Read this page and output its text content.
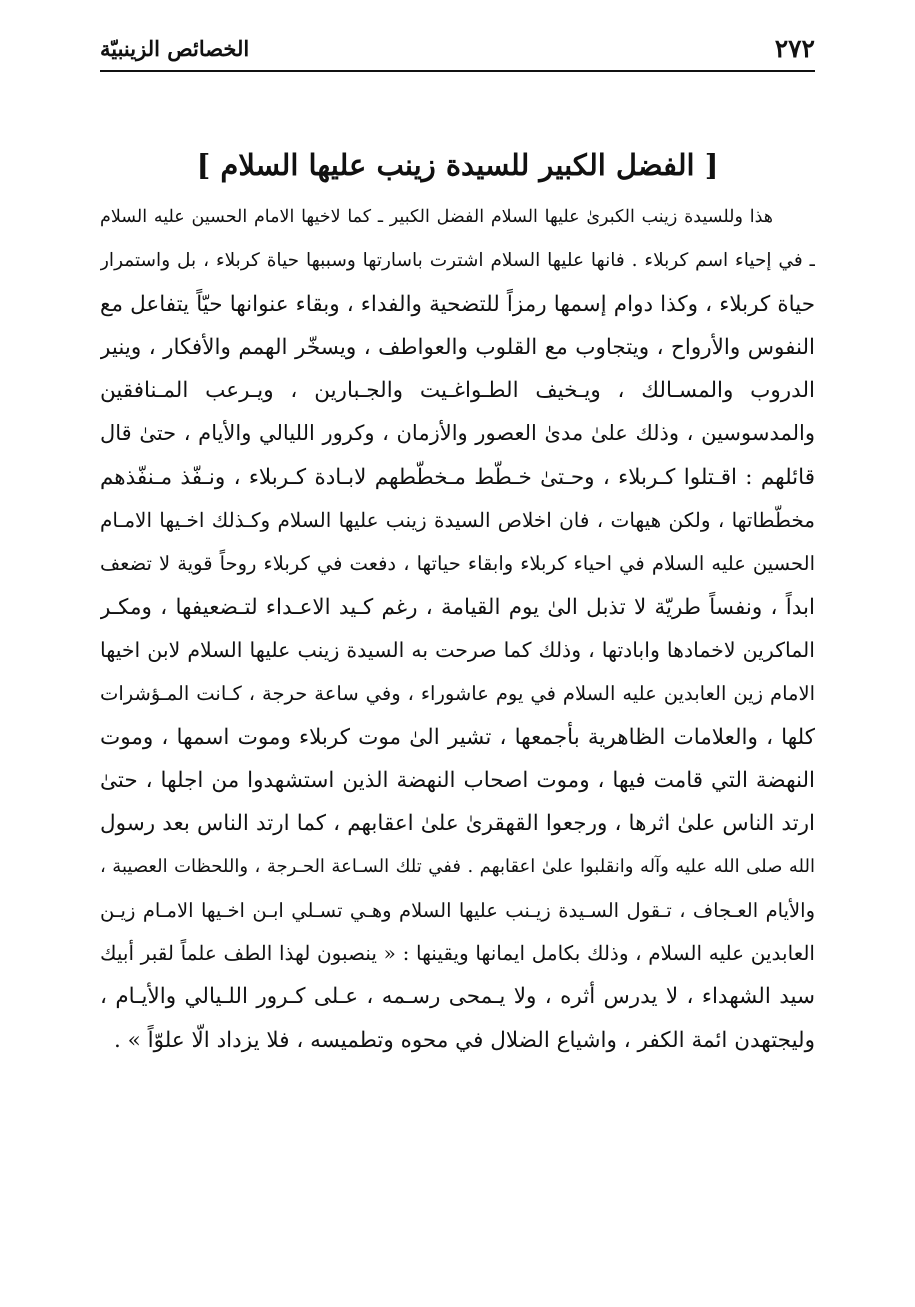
٢٧٢
الخصائص الزينبيّة
[ الفضل الكبير للسيدة زينب عليها السلام ]
هذا وللسيدة زينب الكبرىٰ عليها السلام الفضل الكبير ـ كما لاخيها الامام الحسين عليه السلام
ـ في إحياء اسم كربلاء . فانها عليها السلام اشترت باسارتها وسببها حياة كربلاء ، بل واستمرار
حياة كربلاء ، وكذا دوام إسمها رمزاً للتضحية والفداء ، وبقاء عنوانها حيّاً يتفاعل مع
النفوس والأرواح ، ويتجاوب مع القلوب والعواطف ، ويسخّر الهمم والأفكار ، وينير
الدروب والمسـالك ، ويـخيف الطـواغـيت والجـبارين ، ويـرعب المـنافقين
والمدسوسين ، وذلك علىٰ مدىٰ العصور والأزمان ، وكرور الليالي والأيام ، حتىٰ قال
قائلهم : اقـتلوا كـربلاء ، وحـتىٰ خـطّط مـخطّطهم لابـادة كـربلاء ، ونـفّذ مـنفّذهم
مخطّطاتها ، ولكن هيهات ، فان اخلاص السيدة زينب عليها السلام وكـذلك اخـيها الامـام
الحسين عليه السلام في احياء كربلاء وابقاء حياتها ، دفعت في كربلاء روحاً قوية لا تضعف
ابداً ، ونفساً طريّة لا تذبل الىٰ يوم القيامة ، رغم كـيد الاعـداء لتـضعيفها ، ومكـر
الماكرين لاخمادها وابادتها ، وذلك كما صرحت به السيدة زينب عليها السلام لابن اخيها
الامام زين العابدين عليه السلام في يوم عاشوراء ، وفي ساعة حرجة ، كـانت المـؤشرات
كلها ، والعلامات الظاهرية بأجمعها ، تشير الىٰ موت كربلاء وموت اسمها ، وموت
النهضة التي قامت فيها ، وموت اصحاب النهضة الذين استشهدوا من اجلها ، حتىٰ
ارتد الناس علىٰ اثرها ، ورجعوا القهقرىٰ علىٰ اعقابهم ، كما ارتد الناس بعد رسول
الله صلى الله عليه وآله وانقلبوا علىٰ اعقابهم . ففي تلك السـاعة الحـرجة ، واللحظات العصيبة ،
والأيام العـجاف ، تـقول السـيدة زيـنب عليها السلام وهـي تسـلي ابـن اخـيها الامـام زيـن
العابدين عليه السلام ، وذلك بكامل ايمانها ويقينها : « ينصبون لهذا الطف علماً لقبر أبيك
سيد الشهداء ، لا يدرس أثره ، ولا يـمحى رسـمه ، عـلى كـرور اللـيالي والأيـام ،
وليجتهدن ائمة الكفر ، واشياع الضلال في محوه وتطميسه ، فلا يزداد الّا علوّاً » .
